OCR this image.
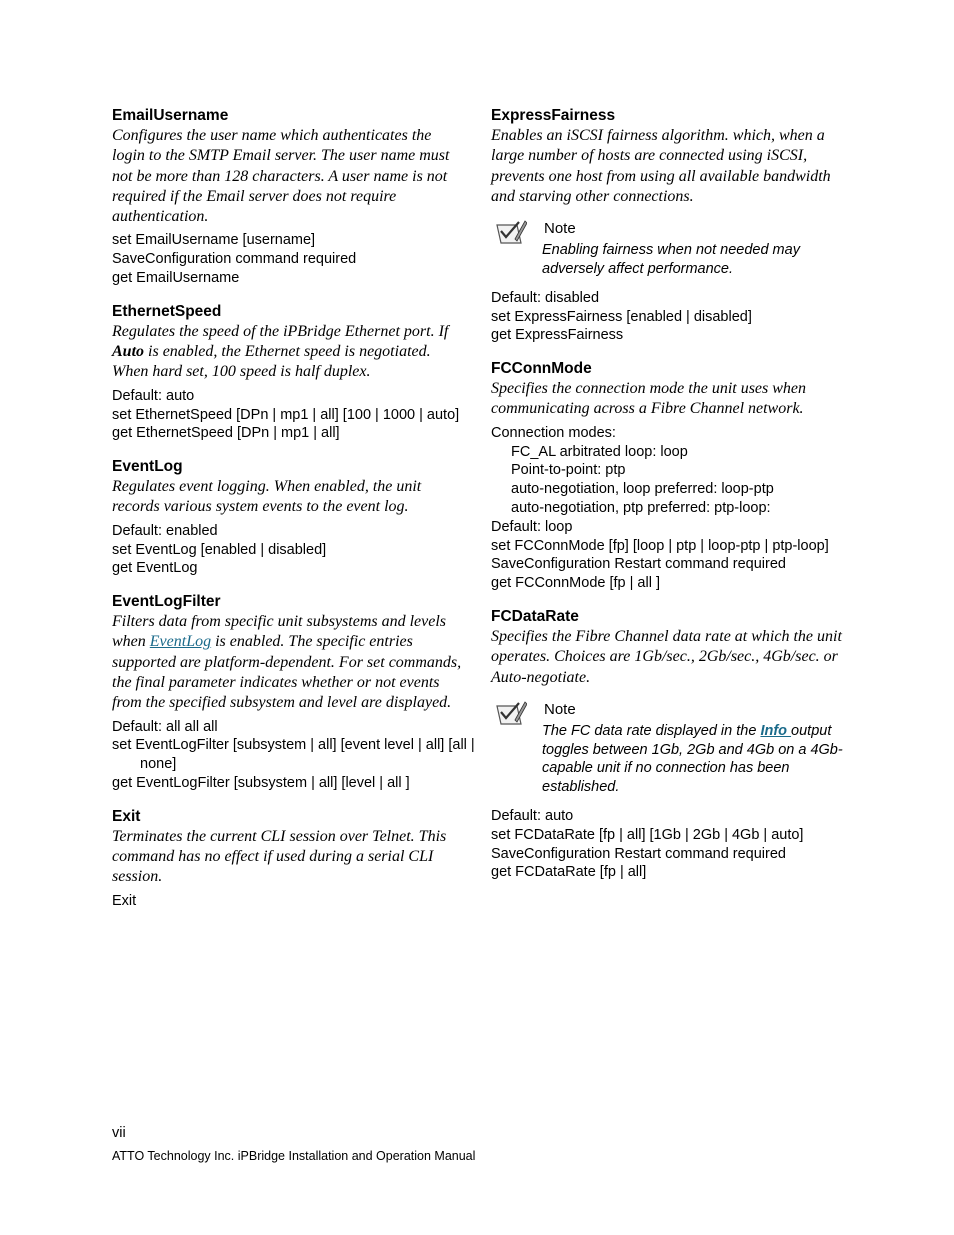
EmailUsername
Configures the user name which authenticates the login to the SMTP Email server. The user name must not be more than 128 characters. A user name is not required if the Email server does not require authentication.
set EmailUsername [username]
SaveConfiguration command required
get EmailUsername
EthernetSpeed
Regulates the speed of the iPBridge Ethernet port. If Auto is enabled, the Ethernet speed is negotiated. When hard set, 100 speed is half duplex.
Default: auto
set EthernetSpeed [DPn | mp1 | all] [100 | 1000 | auto]
get EthernetSpeed [DPn | mp1 | all]
EventLog
Regulates event logging. When enabled, the unit records various system events to the event log.
Default: enabled
set EventLog [enabled | disabled]
get EventLog
EventLogFilter
Filters data from specific unit subsystems and levels when EventLog is enabled. The specific entries supported are platform-dependent. For set commands, the final parameter indicates whether or not events from the specified subsystem and level are displayed.
Default: all all all
set EventLogFilter [subsystem | all] [event level | all] [all |
none]
get EventLogFilter [subsystem | all] [level | all ]
Exit
Terminates the current CLI session over Telnet. This command has no effect if used during a serial CLI session.
Exit
ExpressFairness
Enables an iSCSI fairness algorithm. which, when a large number of hosts are connected using iSCSI, prevents one host from using all available bandwidth and starving other connections.
Note
Enabling fairness when not needed may adversely affect performance.
Default: disabled
set ExpressFairness [enabled | disabled]
get ExpressFairness
FCConnMode
Specifies the connection mode the unit uses when communicating across a Fibre Channel network.
Connection modes:
FC_AL arbitrated loop: loop
Point-to-point: ptp
auto-negotiation, loop preferred: loop-ptp
auto-negotiation, ptp preferred: ptp-loop:
Default: loop
set FCConnMode [fp] [loop | ptp | loop-ptp | ptp-loop]
SaveConfiguration Restart command required
get FCConnMode [fp | all ]
FCDataRate
Specifies the Fibre Channel data rate at which the unit operates. Choices are 1Gb/sec., 2Gb/sec., 4Gb/sec. or Auto-negotiate.
Note
The FC data rate displayed in the Info output toggles between 1Gb, 2Gb and 4Gb on a 4Gb-capable unit if no connection has been established.
Default: auto
set FCDataRate [fp | all] [1Gb | 2Gb | 4Gb | auto]
SaveConfiguration Restart command required
get FCDataRate [fp | all]
vii
ATTO Technology Inc. iPBridge Installation and Operation Manual
